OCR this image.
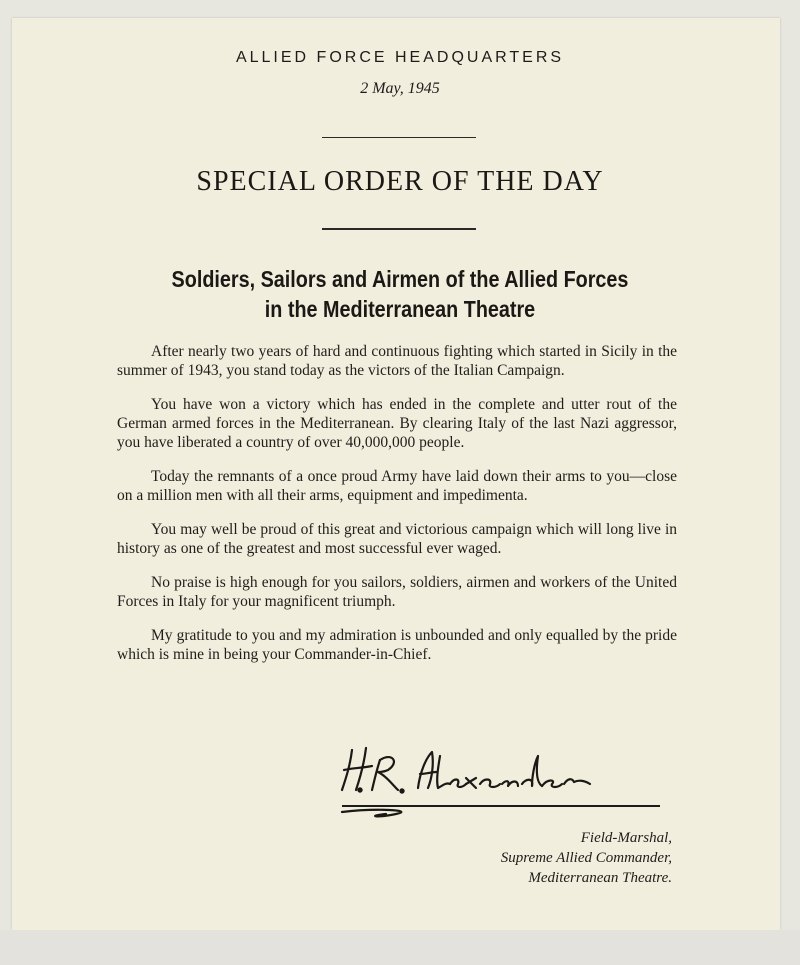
ALLIED FORCE HEADQUARTERS
2 May, 1945
SPECIAL ORDER OF THE DAY
Soldiers, Sailors and Airmen of the Allied Forces
in the Mediterranean Theatre

After nearly two years of hard and continuous fighting which started in Sicily in the summer of 1943, you stand today as the victors of the Italian Campaign.

You have won a victory which has ended in the complete and utter rout of the German armed forces in the Mediterranean. By clearing Italy of the last Nazi aggressor, you have liberated a country of over 40,000,000 people.

Today the remnants of a once proud Army have laid down their arms to you—close on a million men with all their arms, equipment and impedimenta.

You may well be proud of this great and victorious campaign which will long live in history as one of the greatest and most successful ever waged.

No praise is high enough for you sailors, soldiers, airmen and workers of the United Forces in Italy for your magnificent triumph.

My gratitude to you and my admiration is unbounded and only equalled by the pride which is mine in being your Commander-in-Chief.

Field-Marshal,
Supreme Allied Commander,
Mediterranean Theatre.
